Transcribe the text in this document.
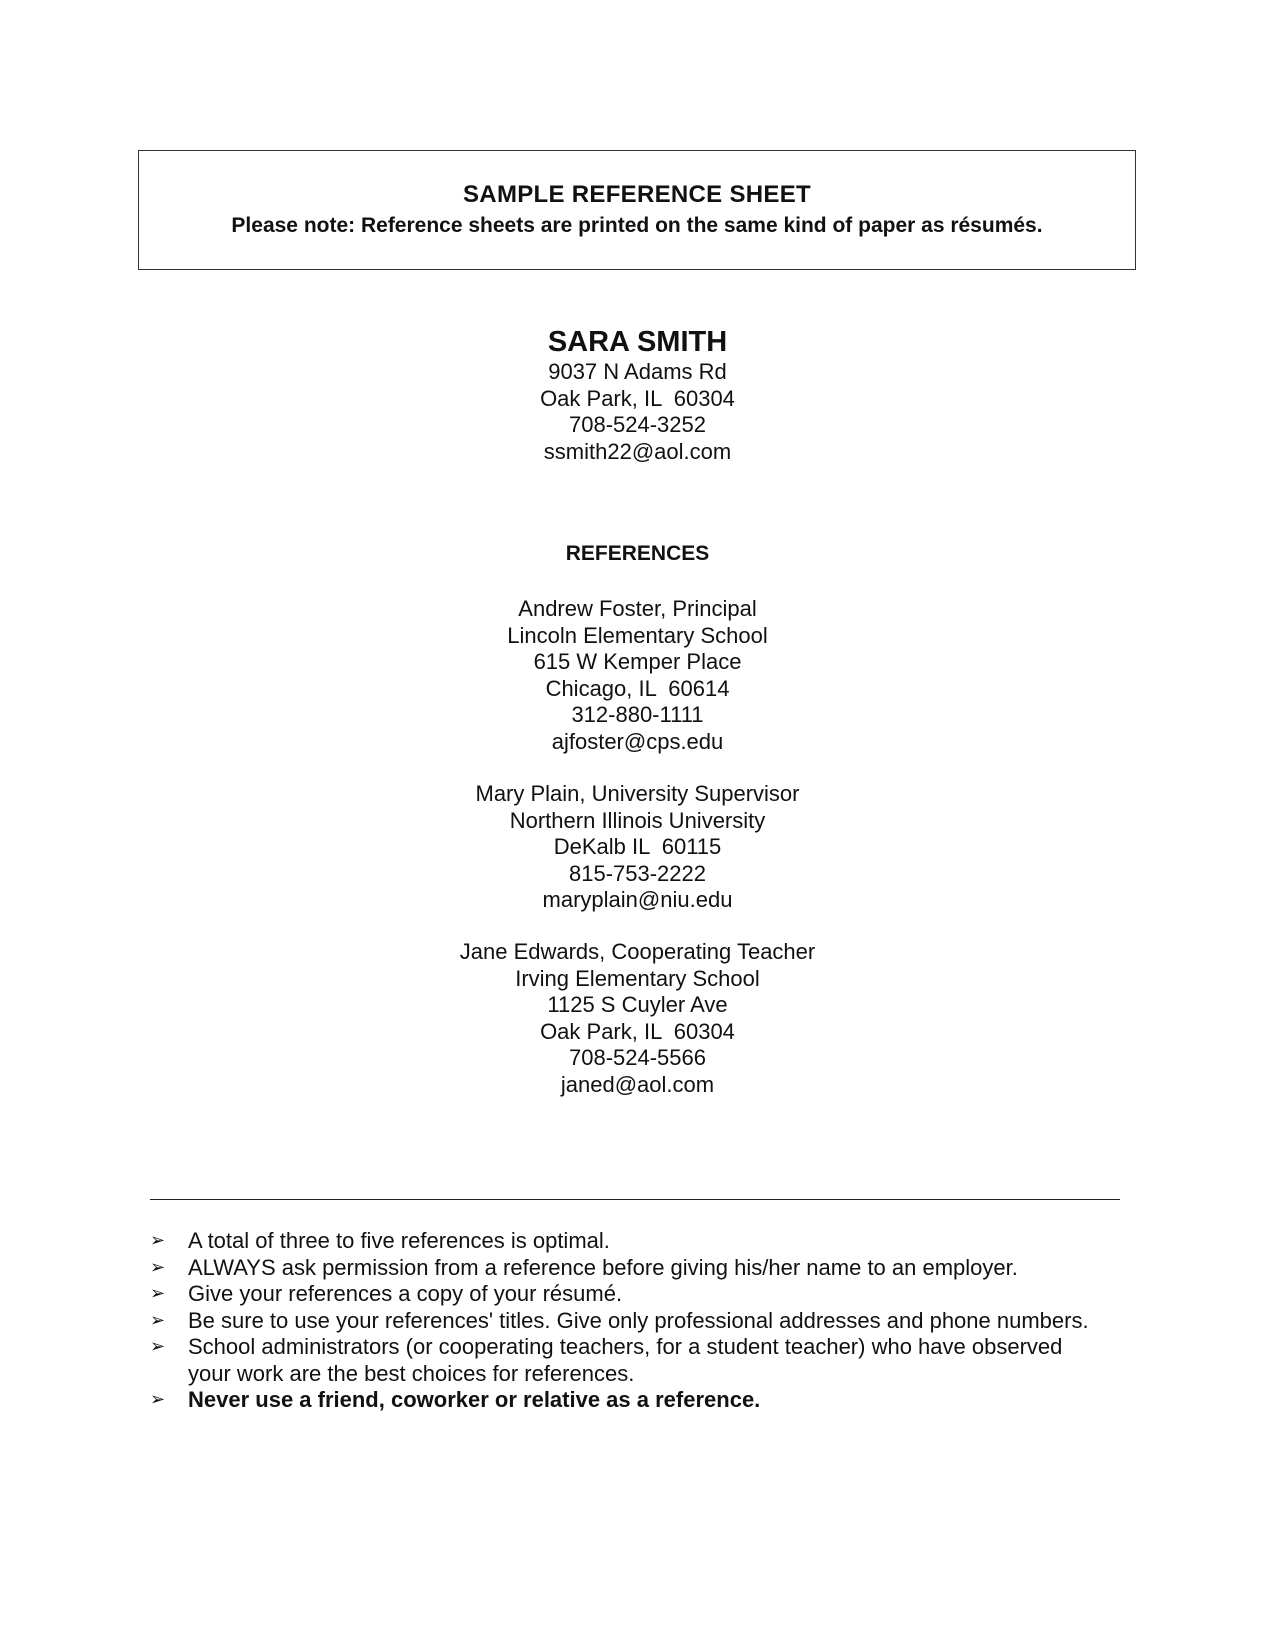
SAMPLE REFERENCE SHEET
Please note: Reference sheets are printed on the same kind of paper as résumés.
SARA SMITH
9037 N Adams Rd
Oak Park, IL  60304
708-524-3252
ssmith22@aol.com
REFERENCES
Andrew Foster, Principal
Lincoln Elementary School
615 W Kemper Place
Chicago, IL  60614
312-880-1111
ajfoster@cps.edu
Mary Plain, University Supervisor
Northern Illinois University
DeKalb IL  60115
815-753-2222
maryplain@niu.edu
Jane Edwards, Cooperating Teacher
Irving Elementary School
1125 S Cuyler Ave
Oak Park, IL  60304
708-524-5566
janed@aol.com
➢ A total of three to five references is optimal.
➢ ALWAYS ask permission from a reference before giving his/her name to an employer.
➢ Give your references a copy of your résumé.
➢ Be sure to use your references' titles. Give only professional addresses and phone numbers.
➢ School administrators (or cooperating teachers, for a student teacher) who have observed your work are the best choices for references.
➢ Never use a friend, coworker or relative as a reference.
